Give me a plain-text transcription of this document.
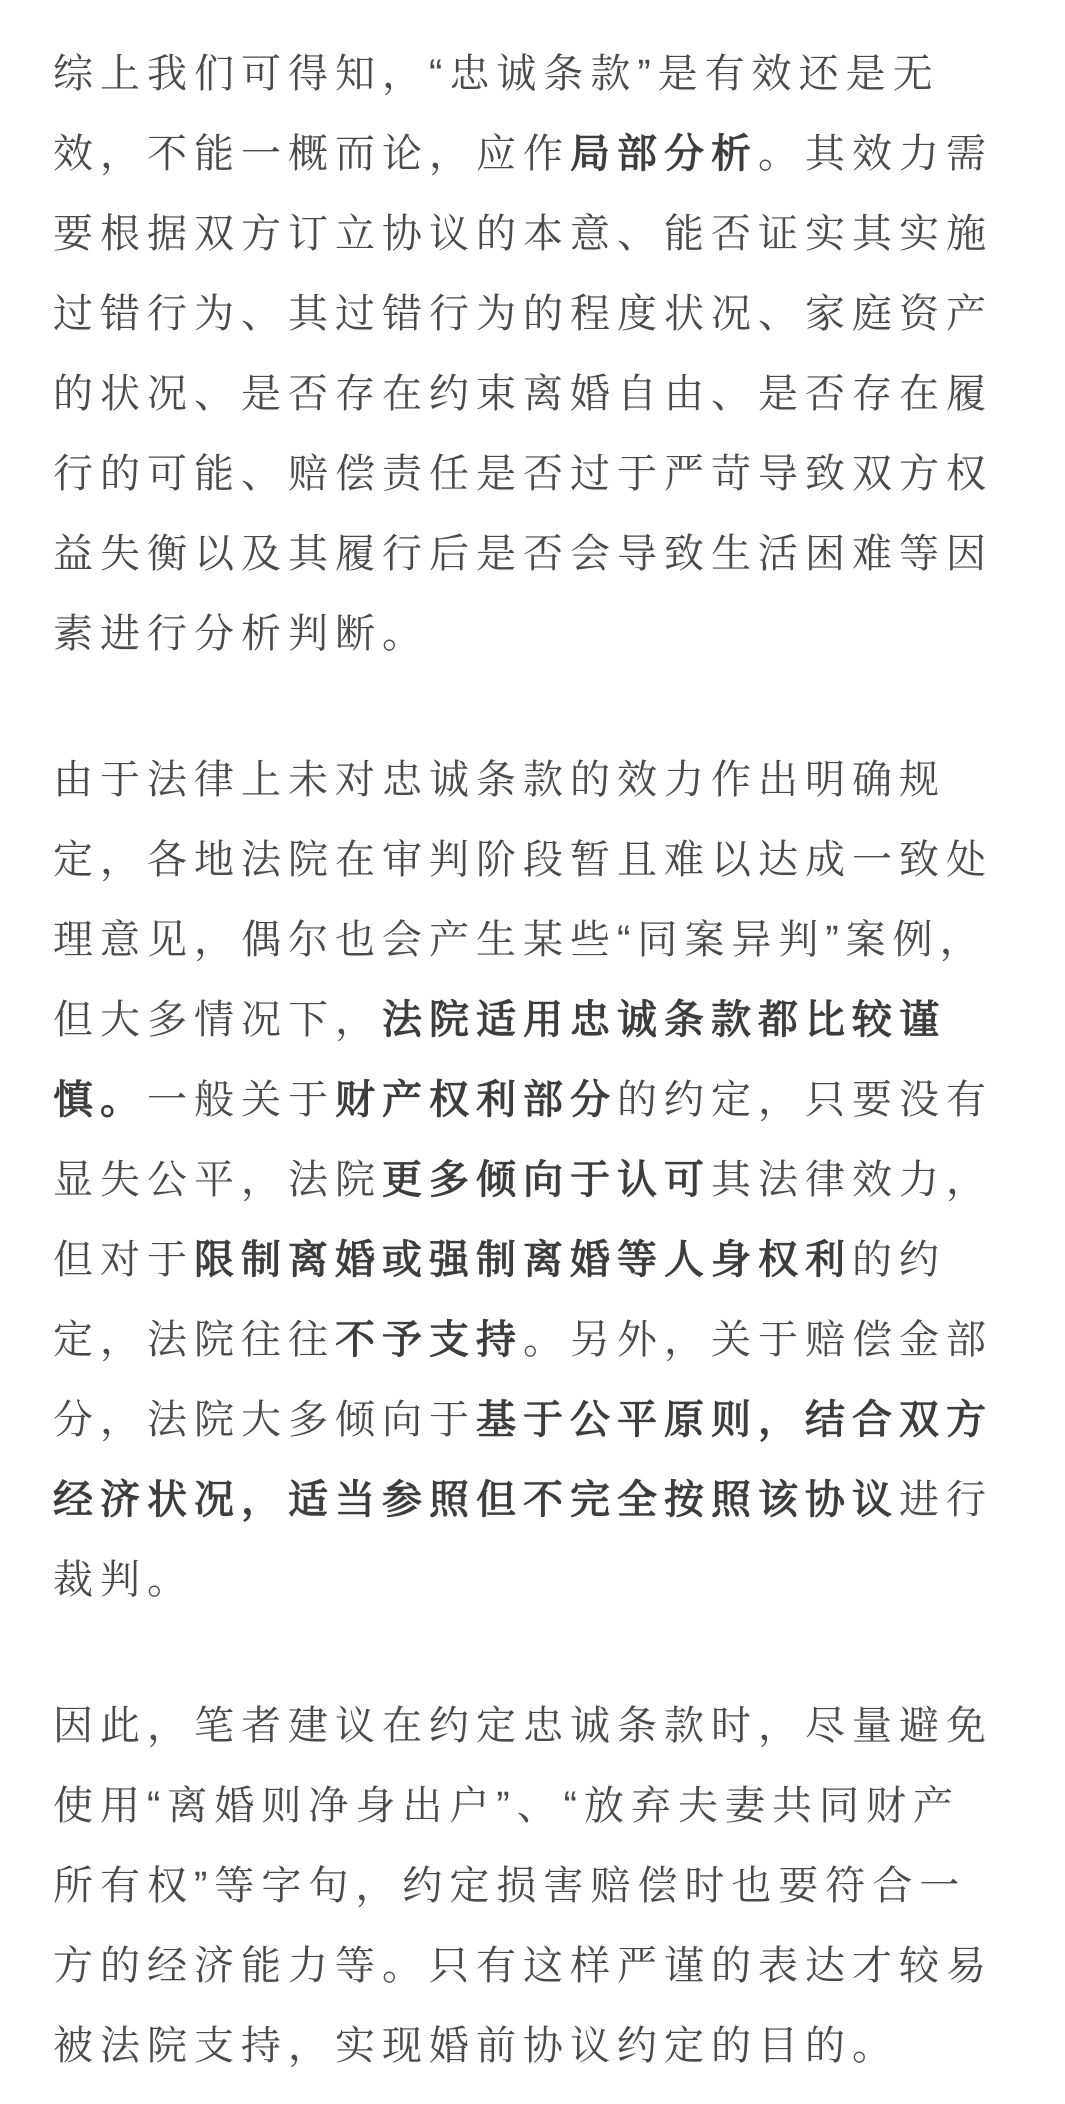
综上我们可得知，“忠诚条款”是有效还是无效，不能一概而论，应作局部分析。其效力需要根据双方订立协议的本意、能否证实其实施过错行为、其过错行为的程度状况、家庭资产的状况、是否存在约束离婚自由、是否存在履行的可能、赔偿责任是否过于严苛导致双方权益失衡以及其履行后是否会导致生活困难等因素进行分析判断。

由于法律上未对忠诚条款的效力作出明确规定，各地法院在审判阶段暂且难以达成一致处理意见，偶尔也会产生某些“同案异判”案例，但大多情况下，法院适用忠诚条款都比较谨慎。一般关于财产权利部分的约定，只要没有显失公平，法院更多倾向于认可其法律效力，但对于限制离婚或强制离婚等人身权利的约定，法院往往不予支持。另外，关于赔偿金部分，法院大多倾向于基于公平原则，结合双方经济状况，适当参照但不完全按照该协议进行裁判。

因此，笔者建议在约定忠诚条款时，尽量避免使用“离婚则净身出户”、“放弃夫妻共同财产所有权”等字句，约定损害赔偿时也要符合一方的经济能力等。只有这样严谨的表达才较易被法院支持，实现婚前协议约定的目的。
